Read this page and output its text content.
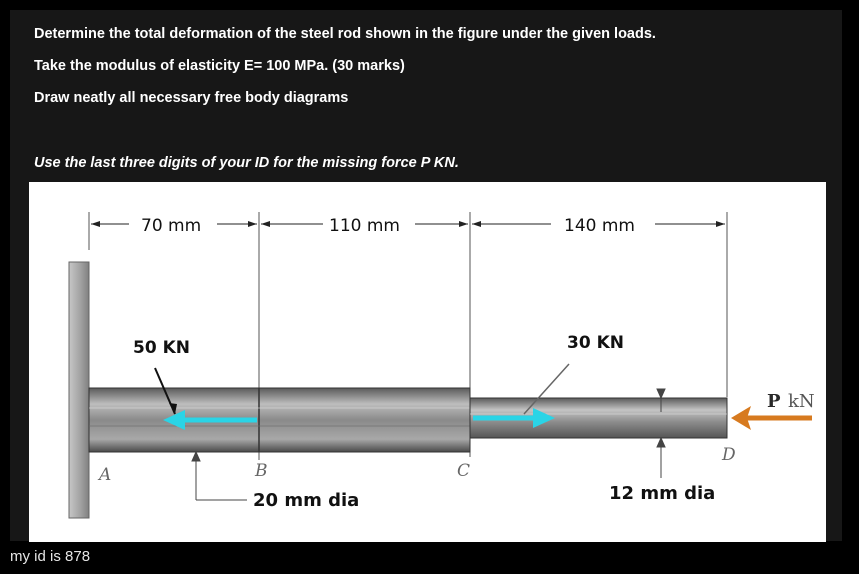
Determine the total deformation of the steel rod shown in the figure under the given loads.
Take the modulus of elasticity E= 100 MPa. (30 marks)
Draw neatly all necessary free body diagrams
Use the last three digits of your ID for the missing force P KN.
70 mm	110 mm	140 mm
50 KN	30 KN
P kN
20 mm dia	12 mm dia
A	B	C
D
my id is 878
